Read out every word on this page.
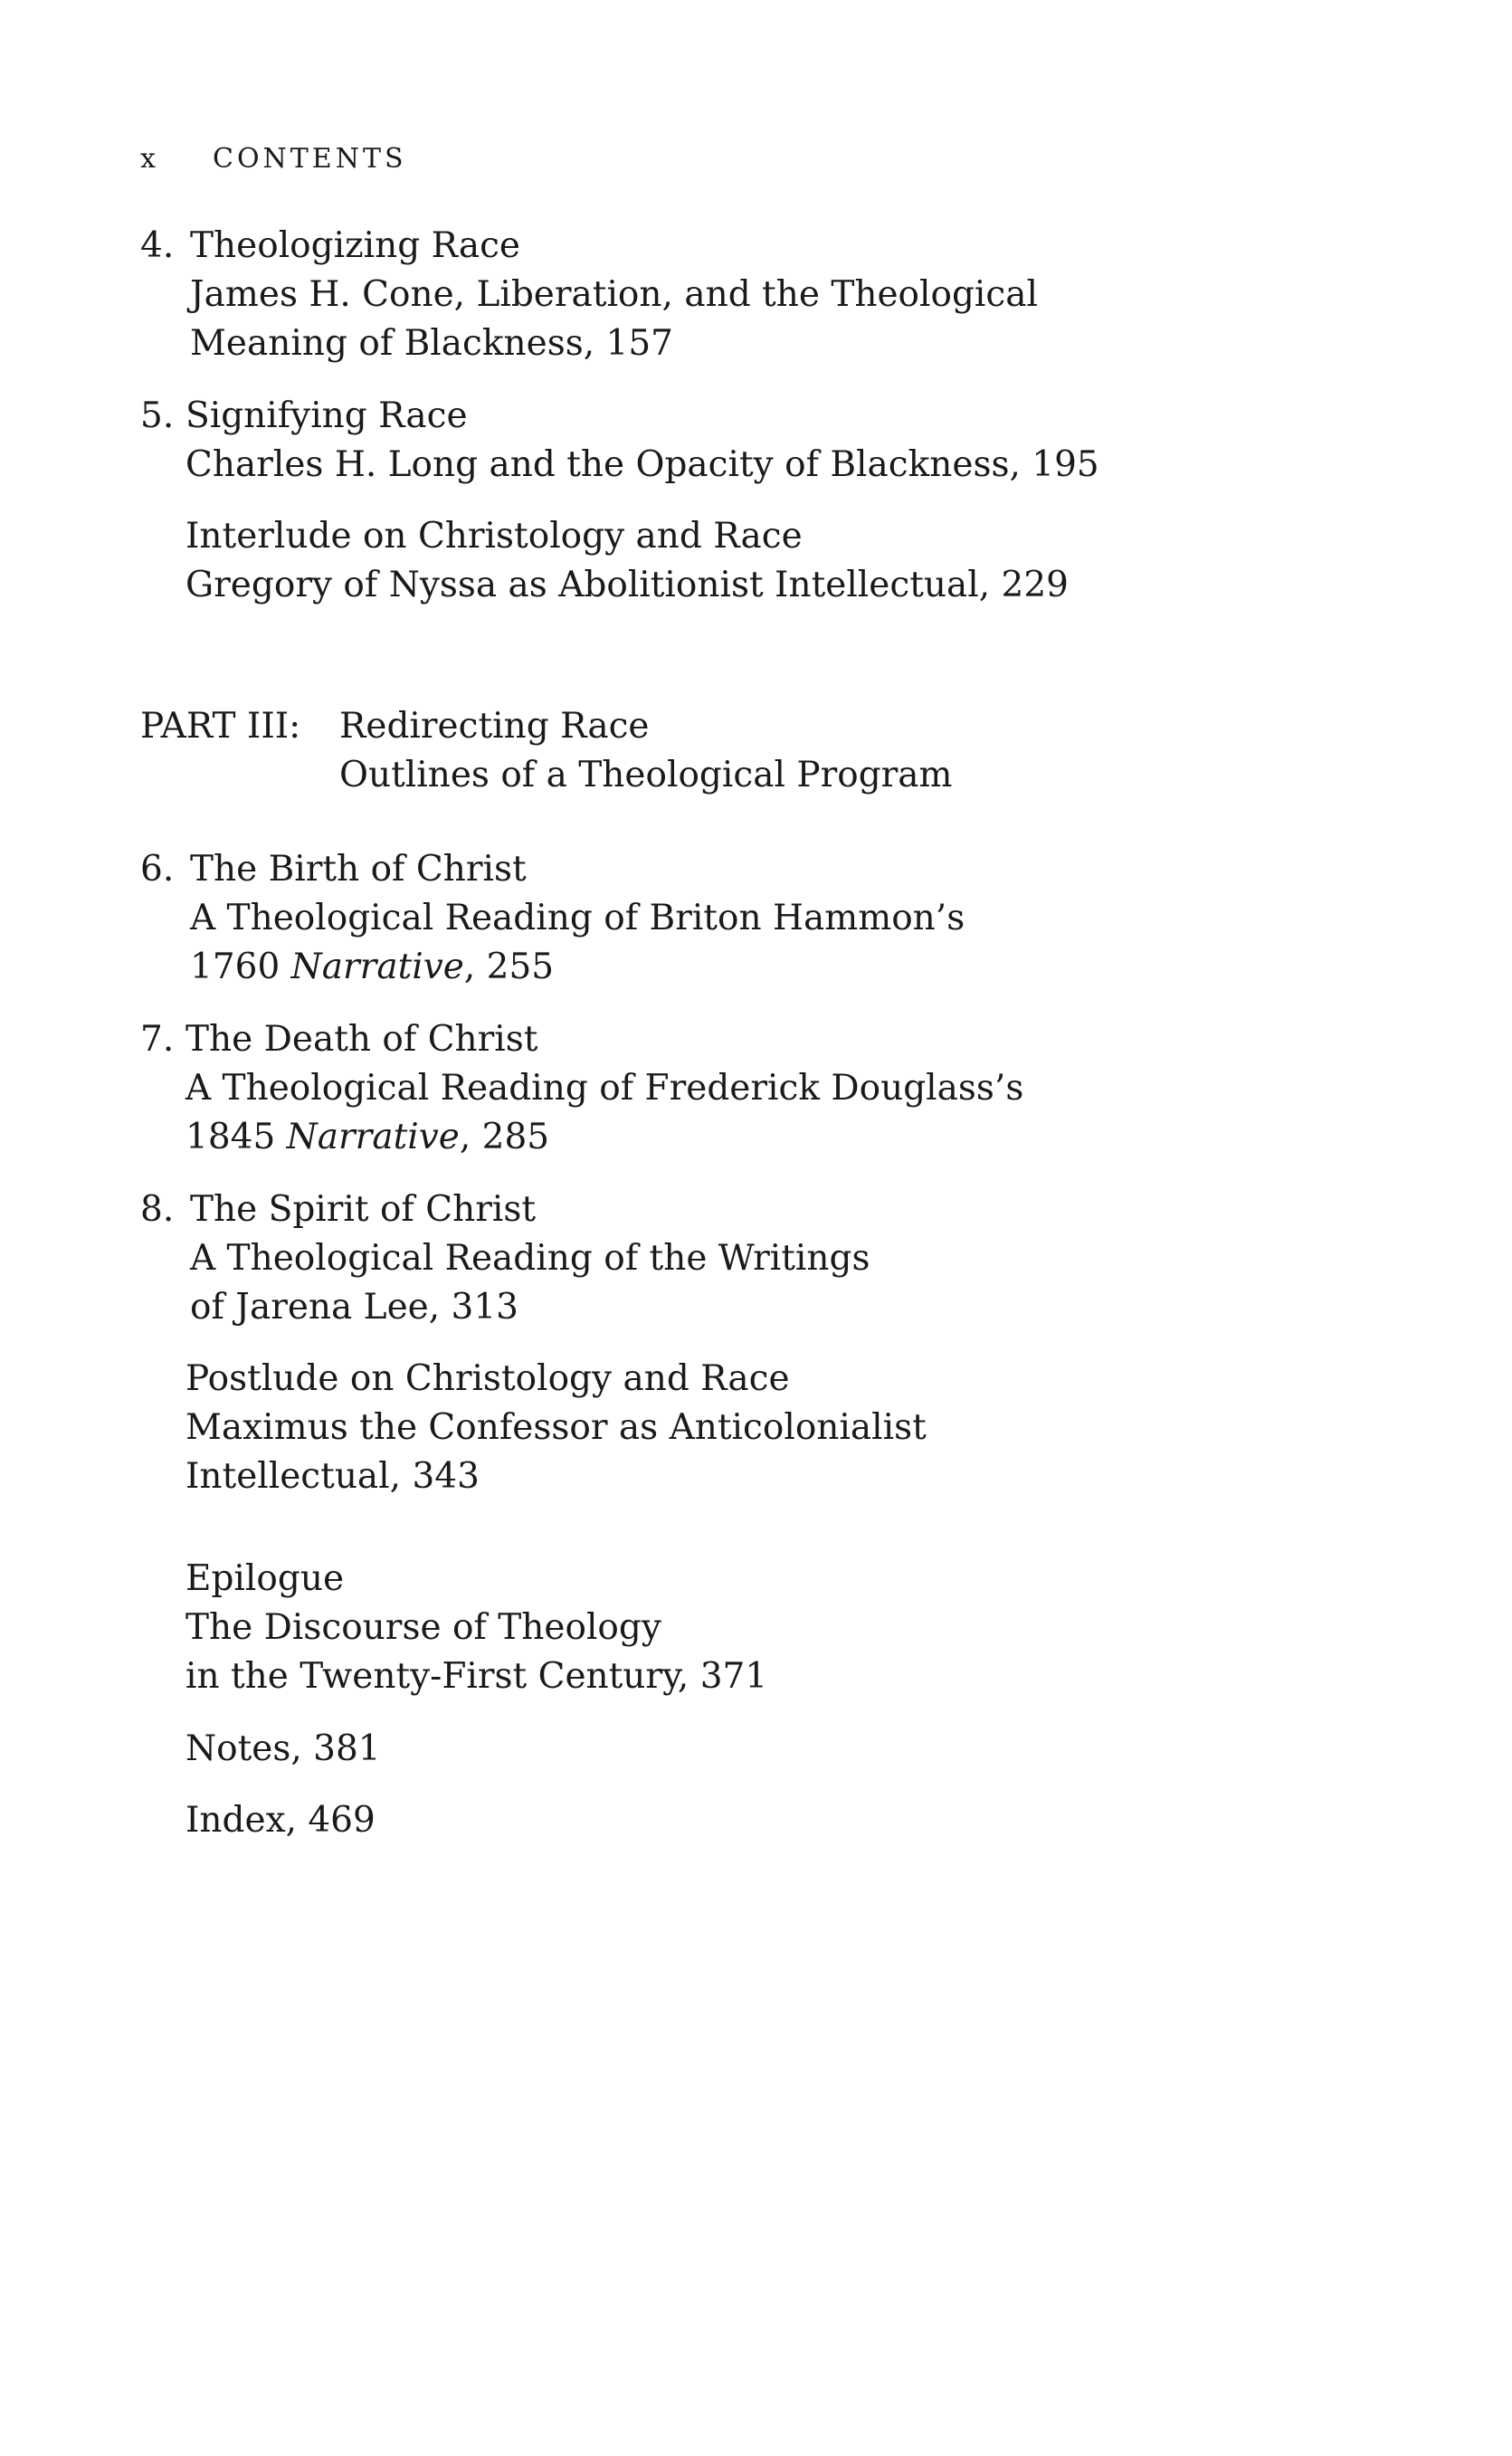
x CONTENTS
4. Theologizing Race
James H. Cone, Liberation, and the Theological
Meaning of Blackness, 157
5. Signifying Race
Charles H. Long and the Opacity of Blackness, 195
Interlude on Christology and Race
Gregory of Nyssa as Abolitionist Intellectual, 229
PART III: Redirecting Race
Outlines of a Theological Program
6. The Birth of Christ
A Theological Reading of Briton Hammon’s
1760 Narrative, 255
7. The Death of Christ
A Theological Reading of Frederick Douglass’s
1845 Narrative, 285
8. The Spirit of Christ
A Theological Reading of the Writings
of Jarena Lee, 313
Postlude on Christology and Race
Maximus the Confessor as Anticolonialist
Intellectual, 343
Epilogue
The Discourse of Theology
in the Twenty-First Century, 371
Notes, 381
Index, 469
